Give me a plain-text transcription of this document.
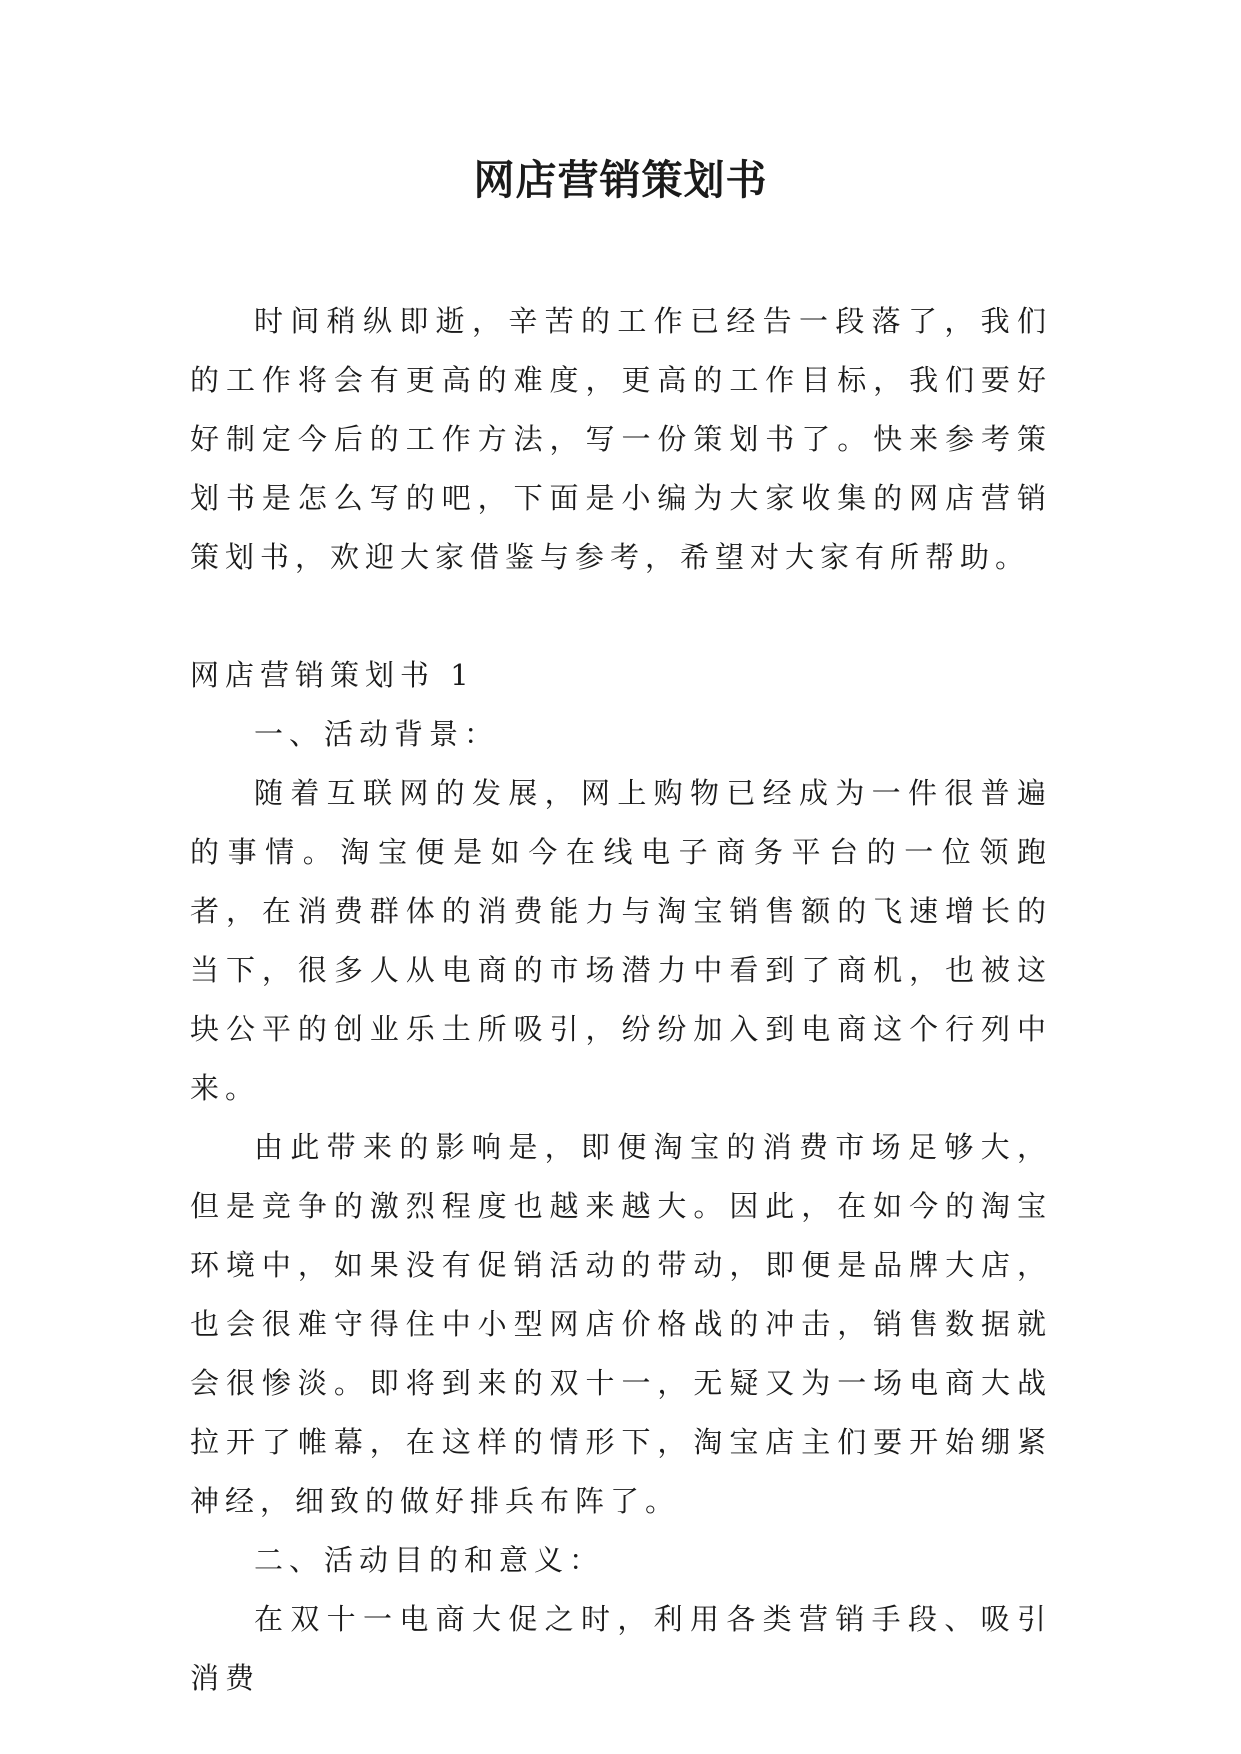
网店营销策划书

时间稍纵即逝，辛苦的工作已经告一段落了，我们的工作将会有更高的难度，更高的工作目标，我们要好好制定今后的工作方法，写一份策划书了。快来参考策划书是怎么写的吧，下面是小编为大家收集的网店营销策划书，欢迎大家借鉴与参考，希望对大家有所帮助。

网店营销策划书 1

一、活动背景：

随着互联网的发展，网上购物已经成为一件很普遍的事情。淘宝便是如今在线电子商务平台的一位领跑者，在消费群体的消费能力与淘宝销售额的飞速增长的当下，很多人从电商的市场潜力中看到了商机，也被这块公平的创业乐土所吸引，纷纷加入到电商这个行列中来。

由此带来的影响是，即便淘宝的消费市场足够大，但是竞争的激烈程度也越来越大。因此，在如今的淘宝环境中，如果没有促销活动的带动，即便是品牌大店，也会很难守得住中小型网店价格战的冲击，销售数据就会很惨淡。即将到来的双十一，无疑又为一场电商大战拉开了帷幕，在这样的情形下，淘宝店主们要开始绷紧神经，细致的做好排兵布阵了。

二、活动目的和意义：

在双十一电商大促之时，利用各类营销手段、吸引消费
